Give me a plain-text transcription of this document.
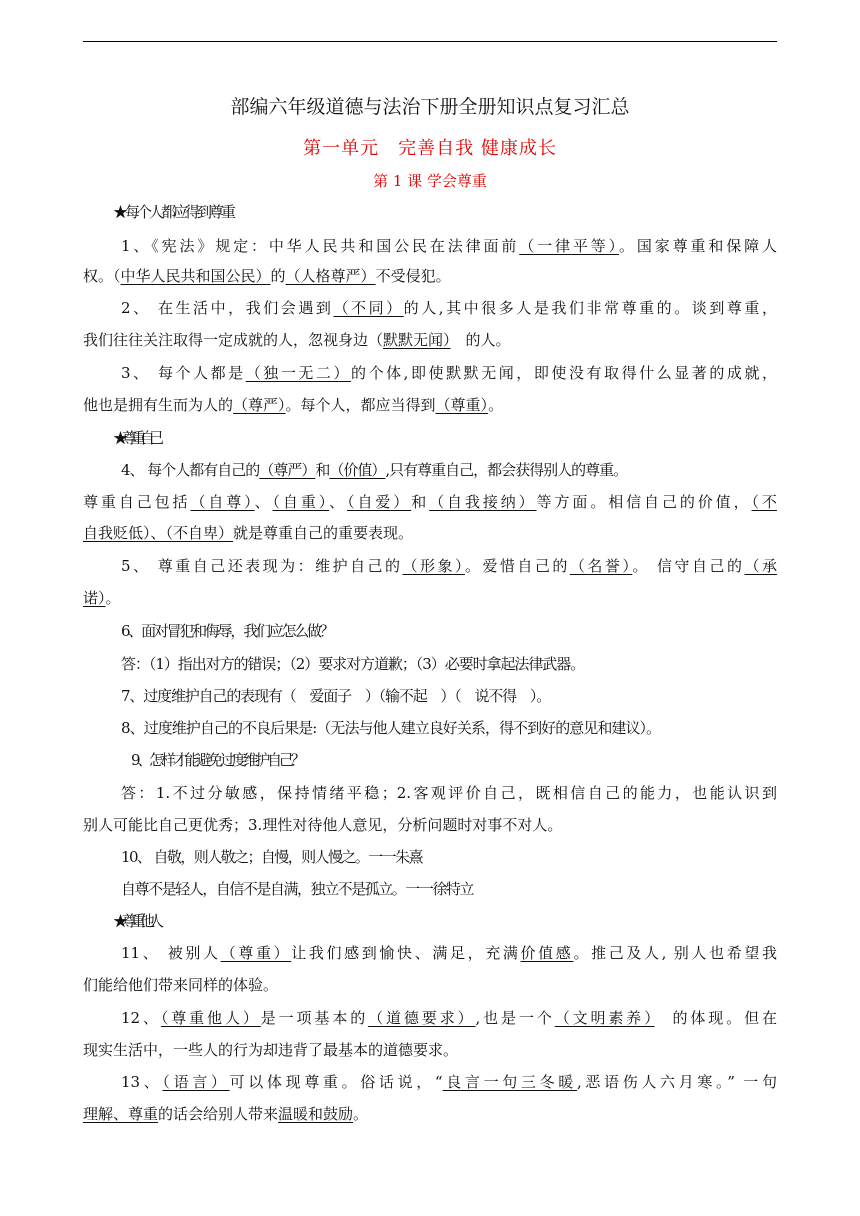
部编六年级道德与法治下册全册知识点复习汇总
第一单元　完善自我 健康成长
第 1 课 学会尊重
★每个人都应得到尊重
1、《宪法》规定：中华人民共和国公民在法律面前（一律平等）。国家尊重和保障人
权。（中华人民共和国公民）的（人格尊严）不受侵犯。
2、 在生活中，我们会遇到（不同）的人,其中很多人是我们非常尊重的。谈到尊重，
我们往往关注取得一定成就的人，忽视身边（默默无闻）　的人。
3、 每个人都是（独一无二）的个体,即使默默无闻，即使没有取得什么显著的成就，
他也是拥有生而为人的（尊严）。每个人，都应当得到（尊重）。
★尊重自己
4、 每个人都有自己的（尊严）和（价值）,只有尊重自己，都会获得别人的尊重。
尊重自己包括（自尊）、（自重）、（自爱）和（自我接纳）等方面。相信自己的价值，（不
自我贬低）、（不自卑）就是尊重自己的重要表现。
5、 尊重自己还表现为：维护自己的（形象）。爱惜自己的（名誉）。 信守自己的（承
诺）。
6、面对冒犯和侮辱，我们应怎么做？
答：（1）指出对方的错误；（2）要求对方道歉；（3）必要时拿起法律武器。
7、过度维护自己的表现有（　爱面子　）（输不起　）（　说不得　）。
8、过度维护自己的不良后果是:（无法与他人建立良好关系，得不到好的意见和建议）。
9、怎样才能避免过度维护自己？
答：1.不过分敏感，保持情绪平稳；2.客观评价自己，既相信自己的能力，也能认识到
别人可能比自己更优秀；3.理性对待他人意见，分析问题时对事不对人。
10、 自敬，则人敬之；自慢，则人慢之。一一朱熹
自尊不是轻人，自信不是自满，独立不是孤立。一一徐特立
★尊重他人
11、 被别人（尊重）让我们感到愉快、满足，充满价值感。推己及人, 别人也希望我
们能给他们带来同样的体验。
12、（尊重他人）是一项基本的（道德要求）,也是一个（文明素养）　的体现。但在
现实生活中，一些人的行为却违背了最基本的道德要求。
13、（语言）可以体现尊重。俗话说，“良言一句三冬暖,恶语伤人六月寒。” 一句
理解、尊重的话会给别人带来温暖和鼓励。
